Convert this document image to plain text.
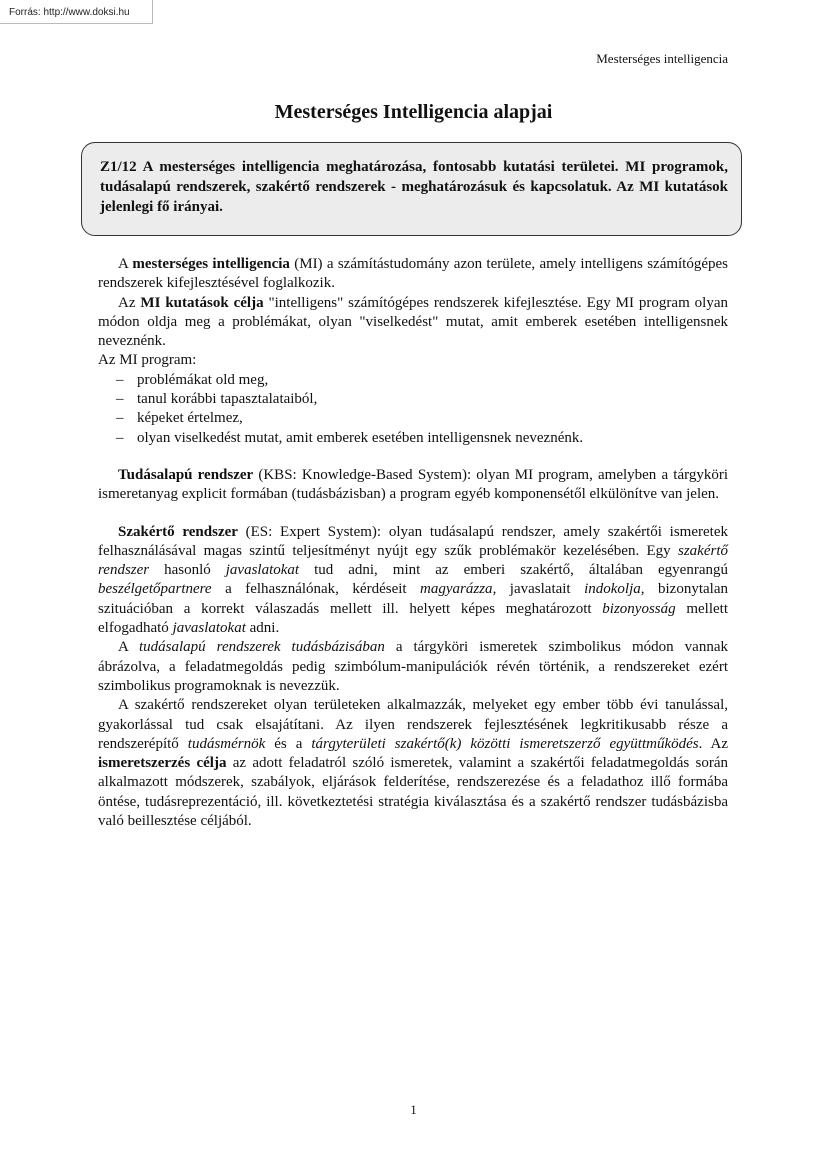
Forrás: http://www.doksi.hu
Mesterséges intelligencia
Mesterséges Intelligencia alapjai
Z1/12 A mesterséges intelligencia meghatározása, fontosabb kutatási területei. MI programok, tudásalapú rendszerek, szakértő rendszerek - meghatározásuk és kapcsolatuk. Az MI kutatások jelenlegi fő irányai.

A mesterséges intelligencia (MI) a számítástudomány azon területe, amely intelligens számítógépes rendszerek kifejlesztésével foglalkozik.

Az MI kutatások célja "intelligens" számítógépes rendszerek kifejlesztése. Egy MI program olyan módon oldja meg a problémákat, olyan "viselkedést" mutat, amit emberek esetében intelligensnek neveznénk.

Az MI program:

– problémákat old meg,
– tanul korábbi tapasztalataiból,
– képeket értelmez,
– olyan viselkedést mutat, amit emberek esetében intelligensnek neveznénk.

Tudásalapú rendszer (KBS: Knowledge-Based System): olyan MI program, amelyben a tárgyköri ismeretanyag explicit formában (tudásbázisban) a program egyéb komponensétől elkülönítve van jelen.

Szakértő rendszer (ES: Expert System): olyan tudásalapú rendszer, amely szakértői ismeretek felhasználásával magas szintű teljesítményt nyújt egy szűk problémakör kezelésében. Egy szakértő rendszer hasonló javaslatokat tud adni, mint az emberi szakértő, általában egyenrangú beszélgetőpartnere a felhasználónak, kérdéseit magyarázza, javaslatait indokolja, bizonytalan szituációban a korrekt válaszadás mellett ill. helyett képes meghatározott bizonyosság mellett elfogadható javaslatokat adni.

A tudásalapú rendszerek tudásbázisában a tárgyköri ismeretek szimbolikus módon vannak ábrázolva, a feladatmegoldás pedig szimbólum-manipulációk révén történik, a rendszereket ezért szimbolikus programoknak is nevezzük.

A szakértő rendszereket olyan területeken alkalmazzák, melyeket egy ember több évi tanulással, gyakorlással tud csak elsajátítani. Az ilyen rendszerek fejlesztésének legkritikusabb része a rendszerépítő tudásmérnök és a tárgyterületi szakértő(k) közötti ismeretszerző együttműködés. Az ismeretszerzés célja az adott feladatról szóló ismeretek, valamint a szakértői feladatmegoldás során alkalmazott módszerek, szabályok, eljárások felderítése, rendszerezése és a feladathoz illő formába öntése, tudásreprezentáció, ill. következtetési stratégia kiválasztása és a szakértő rendszer tudásbázisba való beillesztése céljából.

1
